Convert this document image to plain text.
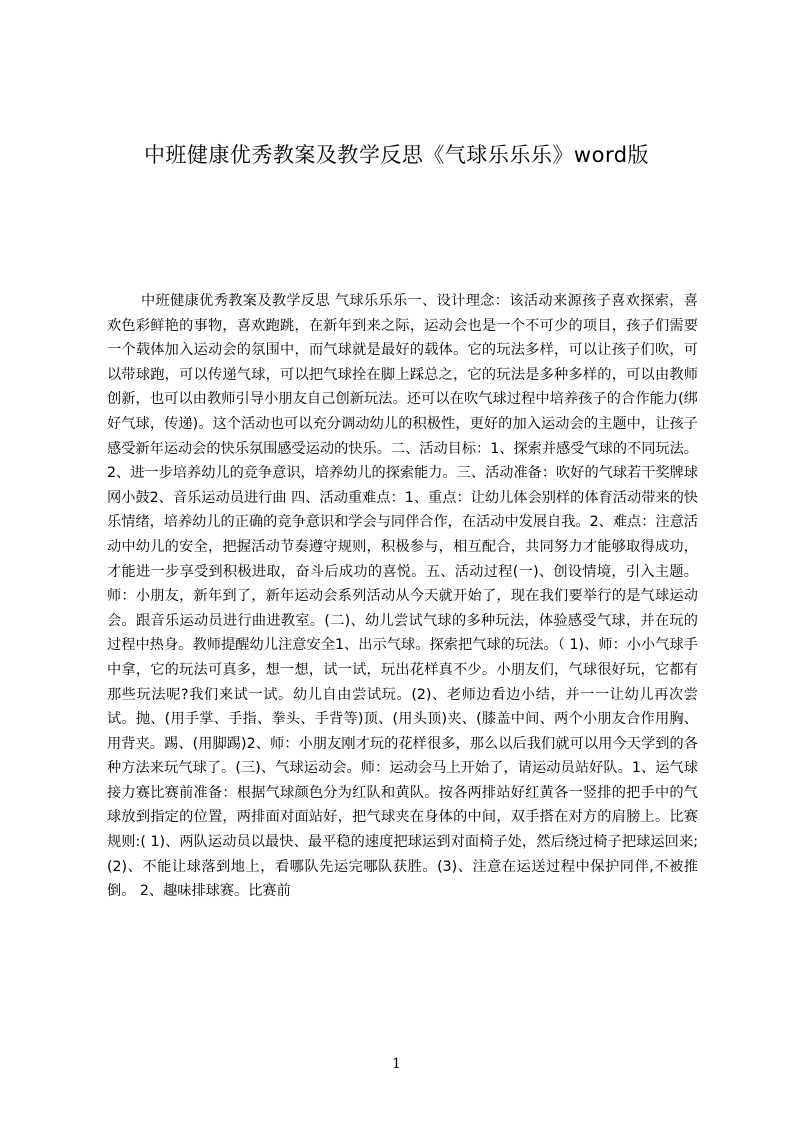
中班健康优秀教案及教学反思《气球乐乐乐》word版

中班健康优秀教案及教学反思 气球乐乐乐一、设计理念：该活动来源孩子喜欢探索，喜欢色彩鲜艳的事物，喜欢跑跳，在新年到来之际，运动会也是一个不可少的项目，孩子们需要一个载体加入运动会的氛围中，而气球就是最好的载体。它的玩法多样，可以让孩子们吹，可以带球跑，可以传递气球，可以把气球拴在脚上踩总之，它的玩法是多种多样的，可以由教师创新，也可以由教师引导小朋友自己创新玩法。还可以在吹气球过程中培养孩子的合作能力(绑好气球，传递)。这个活动也可以充分调动幼儿的积极性，更好的加入运动会的主题中，让孩子感受新年运动会的快乐氛围感受运动的快乐。二、活动目标：1、探索并感受气球的不同玩法。2、进一步培养幼儿的竞争意识，培养幼儿的探索能力。三、活动准备：吹好的气球若干奖牌球网小鼓2、音乐运动员进行曲 四、活动重难点：1、重点：让幼儿体会别样的体育活动带来的快乐情绪，培养幼儿的正确的竞争意识和学会与同伴合作，在活动中发展自我。2、难点：注意活动中幼儿的安全，把握活动节奏遵守规则，积极参与，相互配合，共同努力才能够取得成功，才能进一步享受到积极进取，奋斗后成功的喜悦。五、活动过程(一)、创设情境，引入主题。师：小朋友，新年到了，新年运动会系列活动从今天就开始了，现在我们要举行的是气球运动会。跟音乐运动员进行曲进教室。(二)、幼儿尝试气球的多种玩法，体验感受气球，并在玩的过程中热身。教师提醒幼儿注意安全1、出示气球。探索把气球的玩法。（ 1)、师：小小气球手中拿，它的玩法可真多，想一想，试一试，玩出花样真不少。小朋友们，气球很好玩，它都有那些玩法呢?我们来试一试。幼儿自由尝试玩。(2)、老师边看边小结，并一一让幼儿再次尝试。抛、(用手掌、手指、拳头、手背等)顶、(用头顶)夹、(膝盖中间、两个小朋友合作用胸、用背夹。踢、(用脚踢)2、师：小朋友刚才玩的花样很多，那么以后我们就可以用今天学到的各种方法来玩气球了。(三)、气球运动会。师：运动会马上开始了，请运动员站好队。1、运气球接力赛比赛前准备：根据气球颜色分为红队和黄队。按各两排站好红黄各一竖排的把手中的气球放到指定的位置，两排面对面站好，把气球夹在身体的中间，双手搭在对方的肩膀上。比赛规则:( 1)、两队运动员以最快、最平稳的速度把球运到对面椅子处，然后绕过椅子把球运回来;(2)、不能让球落到地上，看哪队先运完哪队获胜。(3)、注意在运送过程中保护同伴,不被推倒。 2、趣味排球赛。比赛前

1
